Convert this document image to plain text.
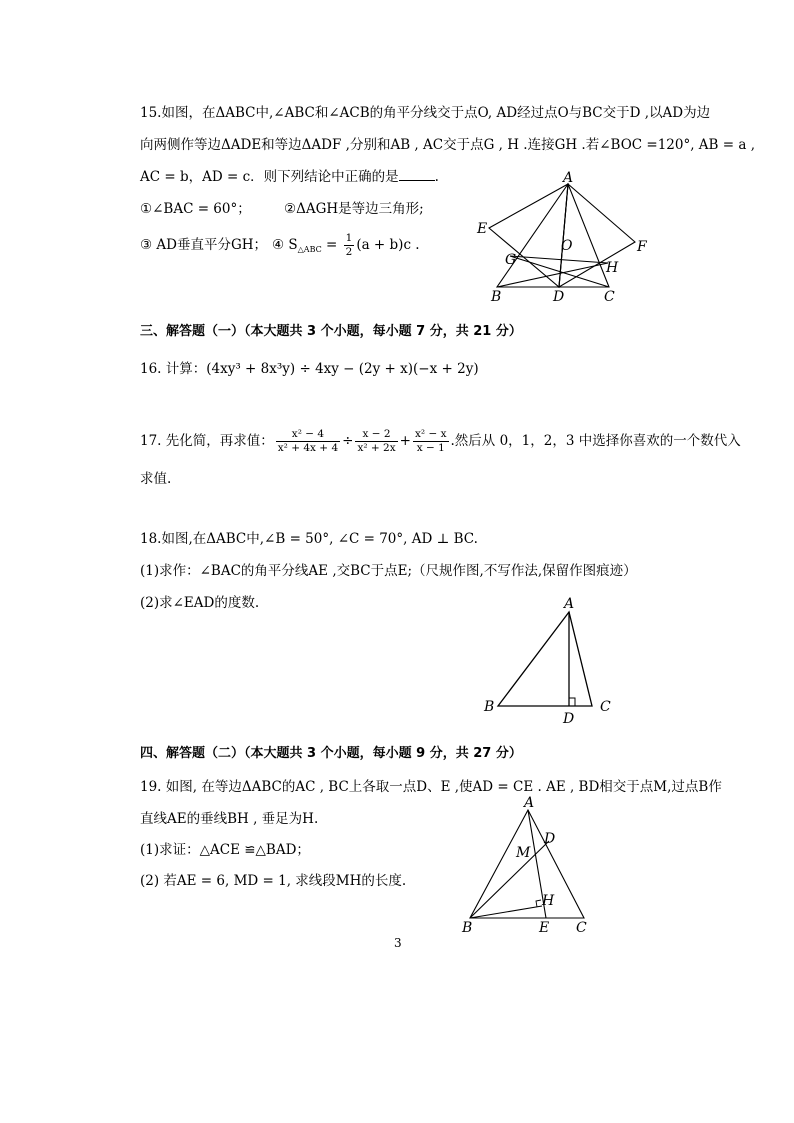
15.如图，在ΔABC中,∠ABC和∠ACB的角平分线交于点O, AD经过点O与BC交于D ,以AD为边
向两侧作等边ΔADE和等边ΔADF ,分别和AB , AC交于点G , H .连接GH .若∠BOC =120°, AB = a ,
AC = b，AD = c．则下列结论中正确的是	.
①∠BAC = 60°； ②ΔAGH是等边三角形;
③ AD垂直平分GH； ④ $S_{\triangle ABC} = \frac{1}{2} (a + b)c$ .
A
E
O	F
G	H
B	D	C
三、解答题（一）（本大题共 3 个小题，每小题 7 分，共 21 分）
16. 计算：(4xy³ + 8x³y) ÷ 4xy − (2y + x)(−x + 2y)
17. 先化简，再求值： $\frac{\text{x² − 4}}{\text{x² + 4x + 4}} \div \frac{x - 2}{\text{x² + 2x}} + \frac{\text{x² − x}}{x - 1}$ .然后从 0，1，2，3 中选择你喜欢的一个数代入
求值.
18.如图,在ΔABC中,∠B = 50°, ∠C = 70°, AD ⊥ BC.
(1)求作：∠BAC的角平分线AE ,交BC于点E;（尺规作图,不写作法,保留作图痕迹）
(2)求∠EAD的度数.	A
B
D
C
四、解答题（二）（本大题共 3 个小题，每小题 9 分，共 27 分）
19. 如图, 在等边ΔABC的AC , BC上各取一点D、E ,使AD = CE . AE , BD相交于点M,过点B作
直线AE的垂线BH , 垂足为H.
(1)求证：△ACE ≌△BAD；
(2) 若AE = 6, MD = 1, 求线段MH的长度.
A
D
M
H
B	E C
3
